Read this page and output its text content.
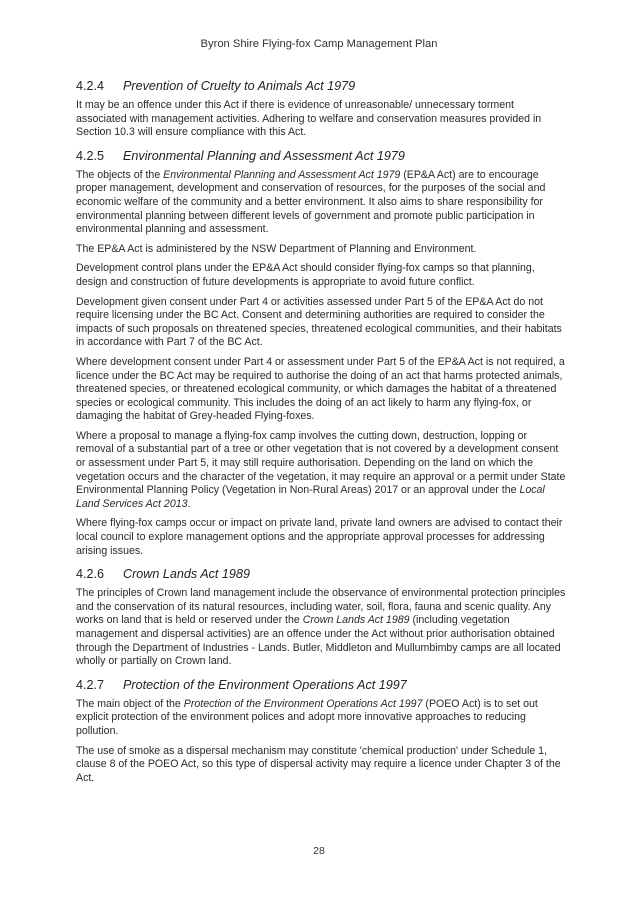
Byron Shire Flying-fox Camp Management Plan
4.2.4 Prevention of Cruelty to Animals Act 1979

It may be an offence under this Act if there is evidence of unreasonable/ unnecessary torment associated with management activities. Adhering to welfare and conservation measures provided in Section 10.3 will ensure compliance with this Act.

4.2.5 Environmental Planning and Assessment Act 1979

The objects of the Environmental Planning and Assessment Act 1979 (EP&A Act) are to encourage proper management, development and conservation of resources, for the purposes of the social and economic welfare of the community and a better environment. It also aims to share responsibility for environmental planning between different levels of government and promote public participation in environmental planning and assessment.

The EP&A Act is administered by the NSW Department of Planning and Environment.

Development control plans under the EP&A Act should consider flying-fox camps so that planning, design and construction of future developments is appropriate to avoid future conflict.

Development given consent under Part 4 or activities assessed under Part 5 of the EP&A Act do not require licensing under the BC Act. Consent and determining authorities are required to consider the impacts of such proposals on threatened species, threatened ecological communities, and their habitats in accordance with Part 7 of the BC Act.

Where development consent under Part 4 or assessment under Part 5 of the EP&A Act is not required, a licence under the BC Act may be required to authorise the doing of an act that harms protected animals, threatened species, or threatened ecological community, or which damages the habitat of a threatened species or ecological community. This includes the doing of an act likely to harm any flying-fox, or damaging the habitat of Grey-headed Flying-foxes.

Where a proposal to manage a flying-fox camp involves the cutting down, destruction, lopping or removal of a substantial part of a tree or other vegetation that is not covered by a development consent or assessment under Part 5, it may still require authorisation. Depending on the land on which the vegetation occurs and the character of the vegetation, it may require an approval or a permit under State Environmental Planning Policy (Vegetation in Non-Rural Areas) 2017 or an approval under the Local Land Services Act 2013.

Where flying-fox camps occur or impact on private land, private land owners are advised to contact their local council to explore management options and the appropriate approval processes for addressing arising issues.

4.2.6 Crown Lands Act 1989

The principles of Crown land management include the observance of environmental protection principles and the conservation of its natural resources, including water, soil, flora, fauna and scenic quality. Any works on land that is held or reserved under the Crown Lands Act 1989 (including vegetation management and dispersal activities) are an offence under the Act without prior authorisation obtained through the Department of Industries - Lands. Butler, Middleton and Mullumbimby camps are all located wholly or partially on Crown land.

4.2.7 Protection of the Environment Operations Act 1997

The main object of the Protection of the Environment Operations Act 1997 (POEO Act) is to set out explicit protection of the environment polices and adopt more innovative approaches to reducing pollution.

The use of smoke as a dispersal mechanism may constitute 'chemical production' under Schedule 1, clause 8 of the POEO Act, so this type of dispersal activity may require a licence under Chapter 3 of the Act.

28
